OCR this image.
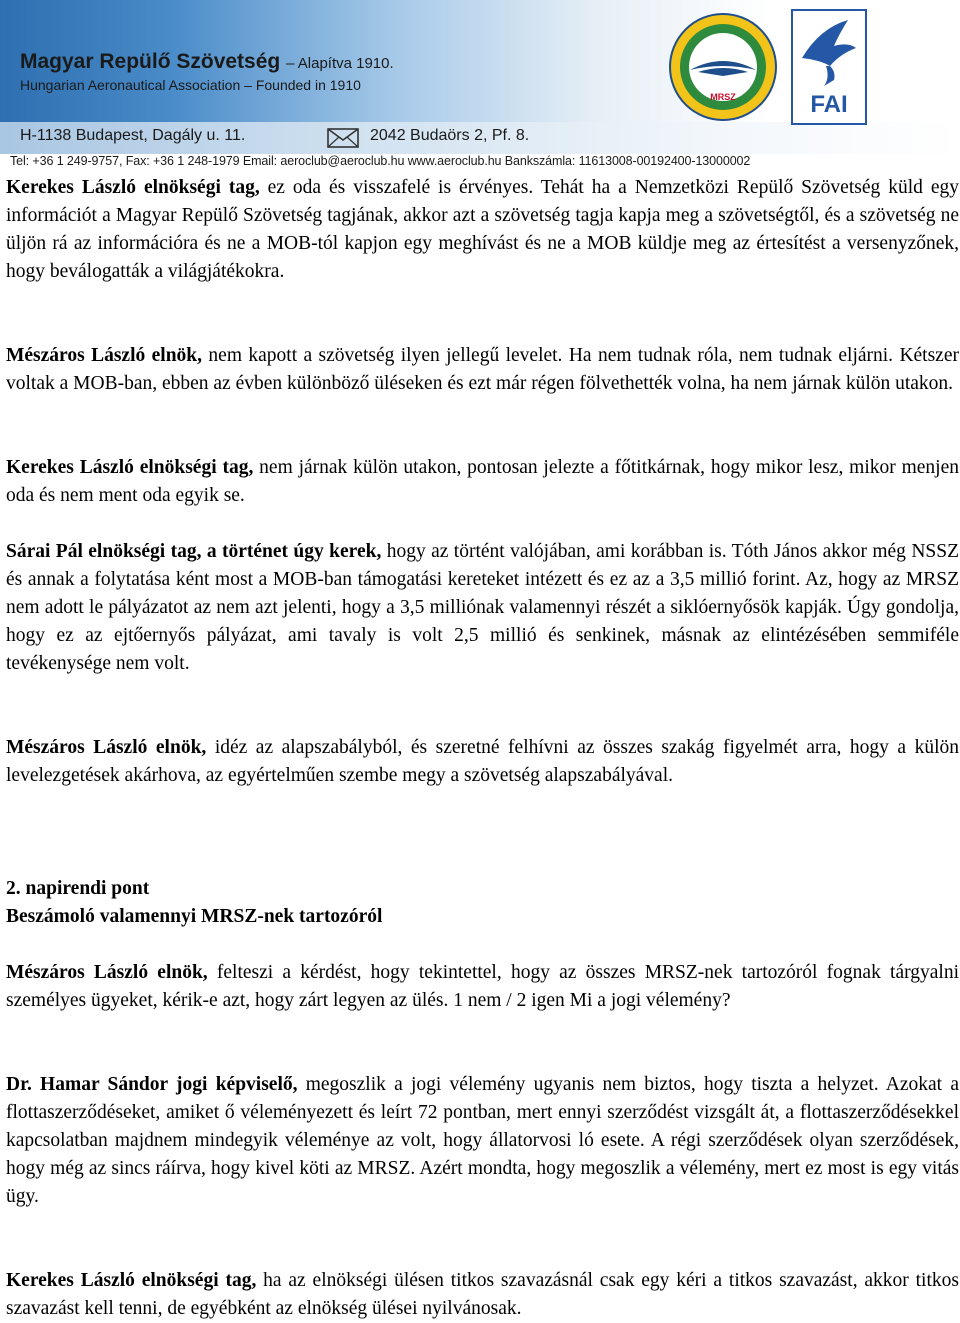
Magyar Repülő Szövetség – Alapítva 1910.
Hungarian Aeronautical Association – Founded in 1910
H-1138 Budapest, Dagály u. 11.	2042 Budaörs 2, Pf. 8.
Tel: +36 1 249-9757, Fax: +36 1 248-1979 Email: aeroclub@aeroclub.hu www.aeroclub.hu Bankszámla: 11613008-00192400-13000002
MRSZ	FAI

Kerekes László elnökségi tag, ez oda és visszafelé is érvényes. Tehát ha a Nemzetközi Repülő Szövetség küld egy információt a Magyar Repülő Szövetség tagjának, akkor azt a szövetség tagja kapja meg a szövetségtől, és a szövetség ne üljön rá az információra és ne a MOB-tól kapjon egy meghívást és ne a MOB küldje meg az értesítést a versenyzőnek, hogy beválogatták a világjátékokra.

Mészáros László elnök, nem kapott a szövetség ilyen jellegű levelet. Ha nem tudnak róla, nem tudnak eljárni. Kétszer voltak a MOB-ban, ebben az évben különböző üléseken és ezt már régen fölvethették volna, ha nem járnak külön utakon.

Kerekes László elnökségi tag, nem járnak külön utakon, pontosan jelezte a főtitkárnak, hogy mikor lesz, mikor menjen oda és nem ment oda egyik se.

Sárai Pál elnökségi tag, a történet úgy kerek, hogy az történt valójában, ami korábban is. Tóth János akkor még NSSZ és annak a folytatása ként most a MOB-ban támogatási kereteket intézett és ez az a 3,5 millió forint. Az, hogy az MRSZ nem adott le pályázatot az nem azt jelenti, hogy a 3,5 milliónak valamennyi részét a siklóernyősök kapják. Úgy gondolja, hogy ez az ejtőernyős pályázat, ami tavaly is volt 2,5 millió és senkinek, másnak az elintézésében semmiféle tevékenysége nem volt.

Mészáros László elnök, idéz az alapszabályból, és szeretné felhívni az összes szakág figyelmét arra, hogy a külön levelezgetések akárhova, az egyértelműen szembe megy a szövetség alapszabályával.

2. napirendi pont

Beszámoló valamennyi MRSZ-nek tartozóról

Mészáros László elnök, felteszi a kérdést, hogy tekintettel, hogy az összes MRSZ-nek tartozóról fognak tárgyalni személyes ügyeket, kérik-e azt, hogy zárt legyen az ülés. 1 nem / 2 igen Mi a jogi vélemény?

Dr. Hamar Sándor jogi képviselő, megoszlik a jogi vélemény ugyanis nem biztos, hogy tiszta a helyzet. Azokat a flottaszerződéseket, amiket ő véleményezett és leírt 72 pontban, mert ennyi szerződést vizsgált át, a flottaszerződésekkel kapcsolatban majdnem mindegyik véleménye az volt, hogy állatorvosi ló esete. A régi szerződések olyan szerződések, hogy még az sincs ráírva, hogy kivel köti az MRSZ. Azért mondta, hogy megoszlik a vélemény, mert ez most is egy vitás ügy.

Kerekes László elnökségi tag, ha az elnökségi ülésen titkos szavazásnál csak egy kéri a titkos szavazást, akkor titkos szavazást kell tenni, de egyébként az elnökség ülései nyilvánosak.
